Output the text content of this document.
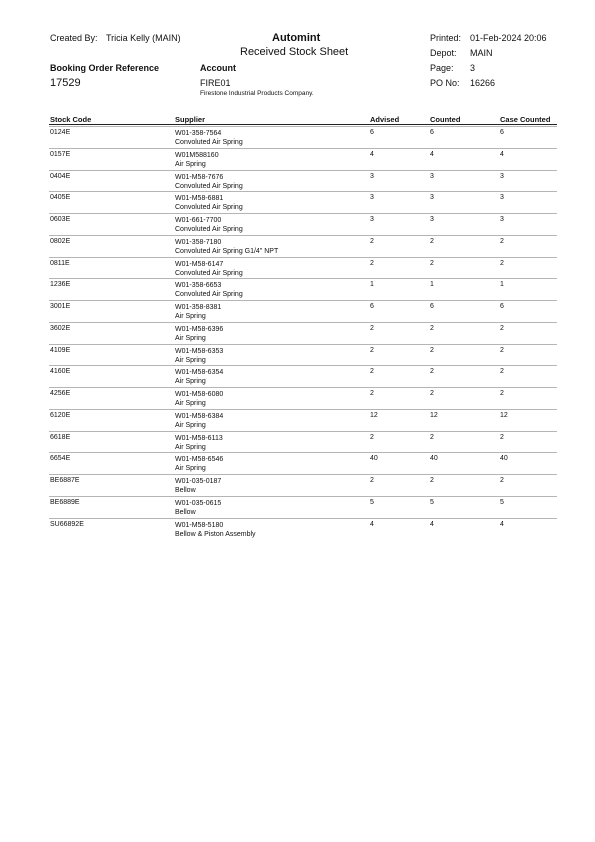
Created By: Tricia Kelly (MAIN)	Automint
Received Stock Sheet
Printed: 01-Feb-2024 20:06
Depot: MAIN
Page: 3
PO No: 16266
Booking Order Reference
17529
Account
FIRE01
Firestone Industrial Products Company.
Stock Code	Supplier	Advised	Counted	Case Counted
0124E	W01-358-7564
Convoluted Air Spring
6	6	6
0157E	W01M588160
Air Spring
4	4	4
0404E	W01-M58-7676
Convoluted Air Spring
3	3	3
0405E	W01-M58-6881
Convoluted Air Spring
3	3	3
0603E	W01-661-7700
Convoluted Air Spring
3	3	3
0802E	W01-358-7180
Convoluted Air Spring G1/4" NPT
2	2	2
0811E	W01-M58-6147
Convoluted Air Spring
2	2	2
1236E	W01-358-6653
Convoluted Air Spring
1	1	1
3001E	W01-358-8381
Air Spring
6	6	6
3602E	W01-M58-6396
Air Spring
2	2	2
4109E	W01-M58-6353
Air Spring
2	2	2
4160E	W01-M58-6354
Air Spring
2	2	2
4256E	W01-M58-6080
Air Spring
2	2	2
6120E	W01-M58-6384
Air Spring
12	12	12
6618E	W01-M58-6113
Air Spring
2	2	2
6654E	W01-M58-6546
Air Spring
40	40	40
BE6887E	W01-035-0187
Bellow
2	2	2
BE6889E	W01-035-0615
Bellow
5	5	5
SU66892E	W01-M58-5180
Bellow & Piston Assembly
4	4	4
